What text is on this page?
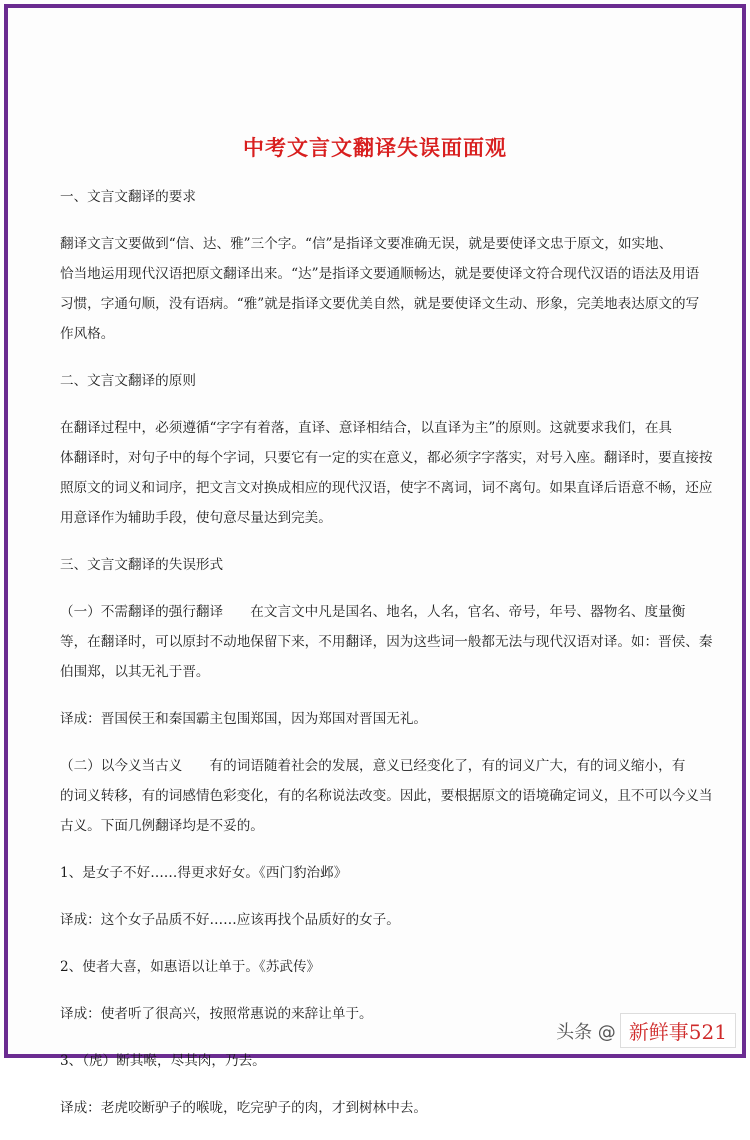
中考文言文翻译失误面面观
一、文言文翻译的要求
翻译文言文要做到“信、达、雅”三个字。“信”是指译文要准确无误，就是要使译文忠于原文，如实地、
恰当地运用现代汉语把原文翻译出来。“达”是指译文要通顺畅达，就是要使译文符合现代汉语的语法及用语
习惯，字通句顺，没有语病。“雅”就是指译文要优美自然，就是要使译文生动、形象，完美地表达原文的写
作风格。
二、文言文翻译的原则
在翻译过程中，必须遵循“字字有着落，直译、意译相结合，以直译为主”的原则。这就要求我们，在具
体翻译时，对句子中的每个字词，只要它有一定的实在意义，都必须字字落实，对号入座。翻译时，要直接按
照原文的词义和词序，把文言文对换成相应的现代汉语，使字不离词，词不离句。如果直译后语意不畅，还应
用意译作为辅助手段，使句意尽量达到完美。
三、文言文翻译的失误形式
（一）不需翻译的强行翻译　　在文言文中凡是国名、地名，人名，官名、帝号，年号、器物名、度量衡
等，在翻译时，可以原封不动地保留下来，不用翻译，因为这些词一般都无法与现代汉语对译。如：晋侯、秦
伯围郑，以其无礼于晋。
译成：晋国侯王和秦国霸主包围郑国，因为郑国对晋国无礼。
（二）以今义当古义　　有的词语随着社会的发展，意义已经变化了，有的词义广大，有的词义缩小，有
的词义转移，有的词感情色彩变化，有的名称说法改变。因此，要根据原文的语境确定词义，且不可以今义当
古义。下面几例翻译均是不妥的。
1、是女子不好……得更求好女。《西门豹治邺》
译成：这个女子品质不好……应该再找个品质好的女子。
2、使者大喜，如惠语以让单于。《苏武传》
译成：使者听了很高兴，按照常惠说的来辞让单于。
3、（虎）断其喉，尽其肉，乃去。
译成：老虎咬断驴子的喉咙，吃完驴子的肉，才到树林中去。	头条 @ 新鲜事521
